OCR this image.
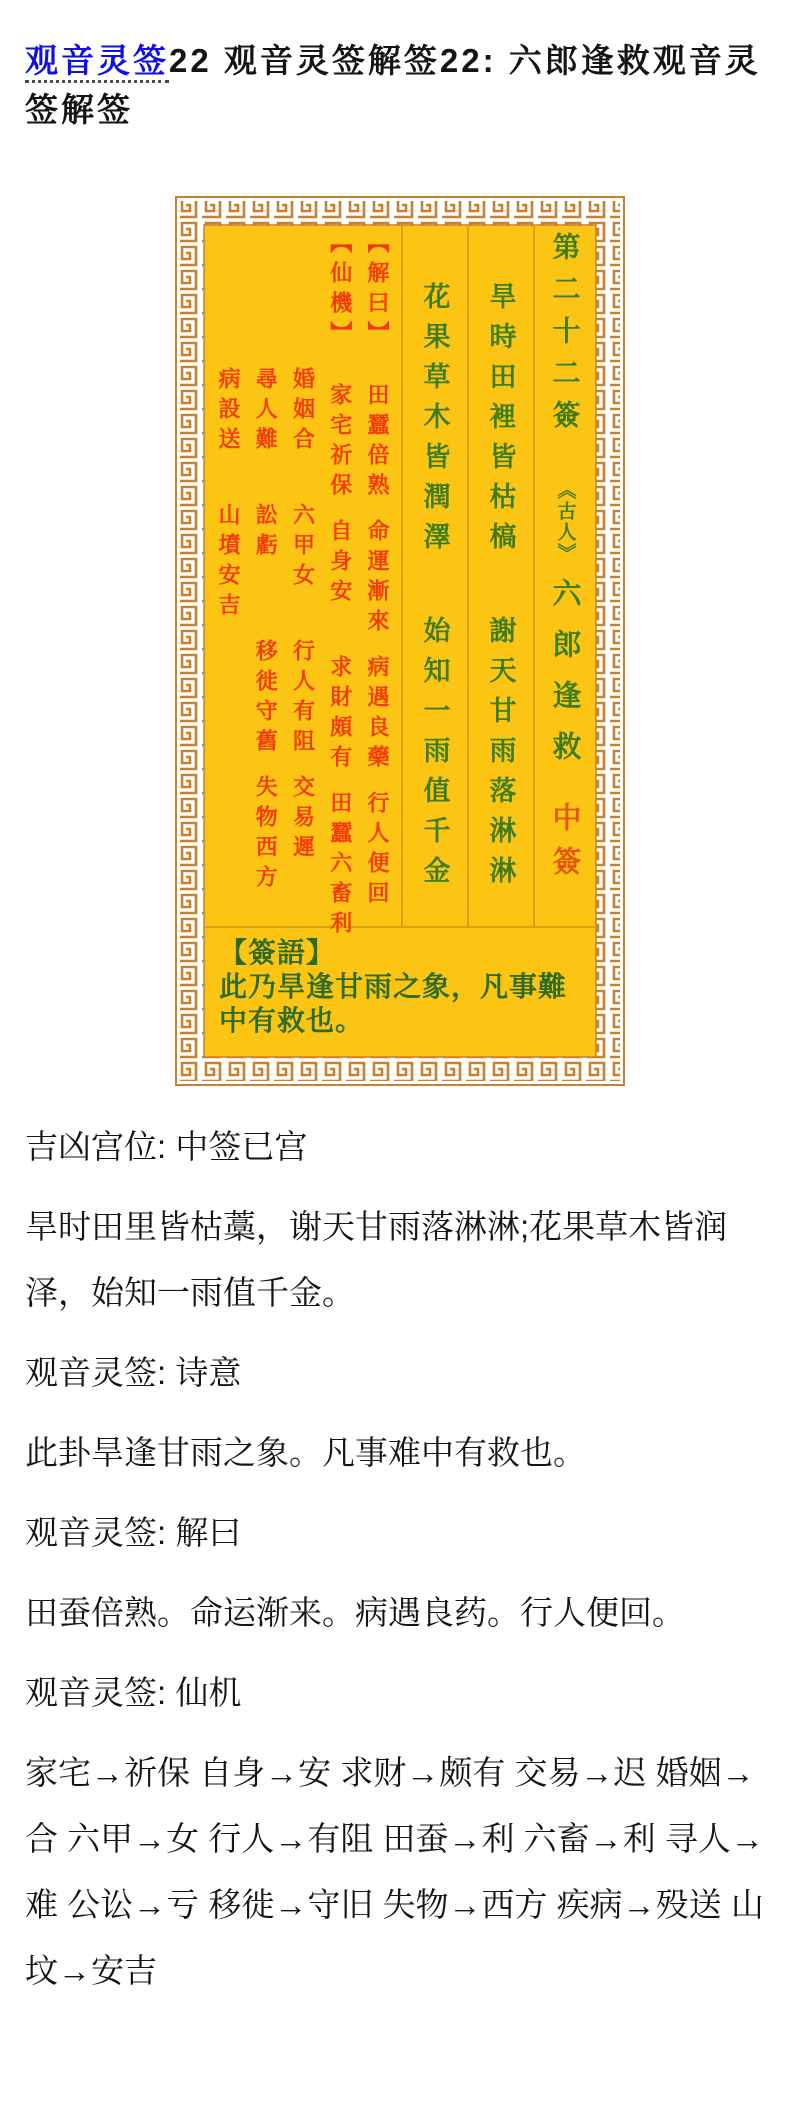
观音灵签22 观音灵签解签22: 六郎逢救观音灵签解签
第二十二簽《古人》六郎逢救中簽
旱時田裡皆枯槁謝天甘雨落淋淋
花果草木皆潤澤始知一雨值千金
【解曰】田蠶倍熟命運漸來病遇良藥行人便回
【仙機】家宅祈保自身安求財頗有田蠶六畜利
婚姻合六甲女行人有阻交易遲
尋人難訟虧移徙守舊失物西方
病設送山墳安吉
【簽語】
此乃旱逢甘雨之象，凡事難中有救也。

吉凶宫位: 中签已宫

旱时田里皆枯藁，谢天甘雨落淋淋;花果草木皆润泽，始知一雨值千金。

观音灵签: 诗意

此卦旱逢甘雨之象。凡事难中有救也。

观音灵签: 解曰

田蚕倍熟。命运渐来。病遇良药。行人便回。

观音灵签: 仙机

家宅→祈保 自身→安 求财→颇有 交易→迟 婚姻→合 六甲→女 行人→有阻 田蚕→利 六畜→利 寻人→难 公讼→亏 移徙→守旧 失物→西方 疾病→殁送 山坟→安吉
